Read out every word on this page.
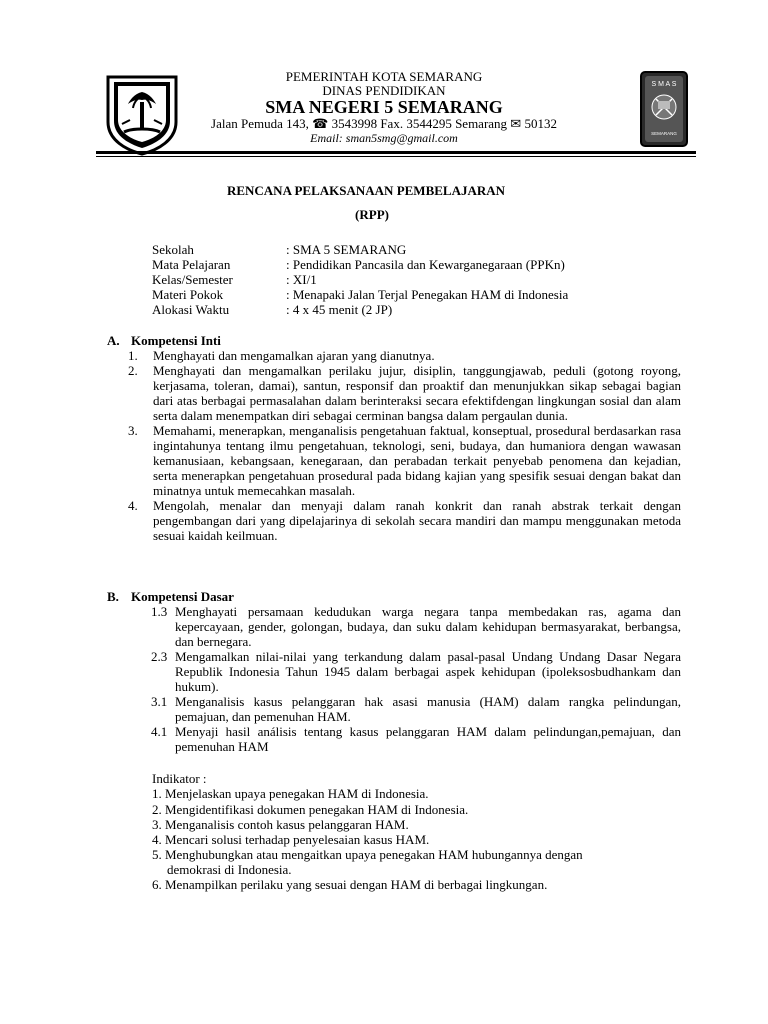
S M A S
SEMARANG
PEMERINTAH KOTA SEMARANG
DINAS PENDIDIKAN
SMA NEGERI 5 SEMARANG
Jalan Pemuda 143, ☎ 3543998 Fax. 3544295 Semarang ✉ 50132
Email: sman5smg@gmail.com
RENCANA PELAKSANAAN PEMBELAJARAN
(RPP)
Sekolah	: SMA 5 SEMARANG
Mata Pelajaran	: Pendidikan Pancasila dan Kewarganegaraan (PPKn)
Kelas/Semester	: XI/1
Materi Pokok	: Menapaki Jalan Terjal Penegakan HAM di Indonesia
Alokasi Waktu	: 4 x 45 menit (2 JP)
A. Kompetensi Inti
1. Menghayati dan mengamalkan ajaran yang dianutnya.
2. Menghayati dan mengamalkan perilaku jujur, disiplin, tanggungjawab, peduli (gotong royong, kerjasama, toleran, damai), santun, responsif dan proaktif dan menunjukkan sikap sebagai bagian dari atas berbagai permasalahan dalam berinteraksi secara efektifdengan lingkungan sosial dan alam serta dalam menempatkan diri sebagai cerminan bangsa dalam pergaulan dunia.
3. Memahami, menerapkan, menganalisis pengetahuan faktual, konseptual, prosedural berdasarkan rasa ingintahunya tentang ilmu pengetahuan, teknologi, seni, budaya, dan humaniora dengan wawasan kemanusiaan, kebangsaan, kenegaraan, dan perabadan terkait penyebab penomena dan kejadian, serta menerapkan pengetahuan prosedural pada bidang kajian yang spesifik sesuai dengan bakat dan minatnya untuk memecahkan masalah.
4. Mengolah, menalar dan menyaji dalam ranah konkrit dan ranah abstrak terkait dengan pengembangan dari yang dipelajarinya di sekolah secara mandiri dan mampu menggunakan metoda sesuai kaidah keilmuan.
B. Kompetensi Dasar
1.3 Menghayati persamaan kedudukan warga negara tanpa membedakan ras, agama dan kepercayaan, gender, golongan, budaya, dan suku dalam kehidupan bermasyarakat, berbangsa, dan bernegara.
2.3 Mengamalkan nilai-nilai yang terkandung dalam pasal-pasal Undang Undang Dasar Negara Republik Indonesia Tahun 1945 dalam berbagai aspek kehidupan (ipoleksosbudhankam dan hukum).
3.1 Menganalisis kasus pelanggaran hak asasi manusia (HAM) dalam rangka pelindungan, pemajuan, dan pemenuhan HAM.
4.1 Menyaji hasil análisis tentang kasus pelanggaran HAM dalam pelindungan,pemajuan, dan pemenuhan HAM
Indikator :
1. Menjelaskan upaya penegakan HAM di Indonesia.
2. Mengidentifikasi dokumen penegakan HAM di Indonesia.
3. Menganalisis contoh kasus pelanggaran HAM.
4. Mencari solusi terhadap penyelesaian kasus HAM.
5. Menghubungkan atau mengaitkan upaya penegakan HAM hubungannya dengan
demokrasi di Indonesia.
6. Menampilkan perilaku yang sesuai dengan HAM di berbagai lingkungan.
